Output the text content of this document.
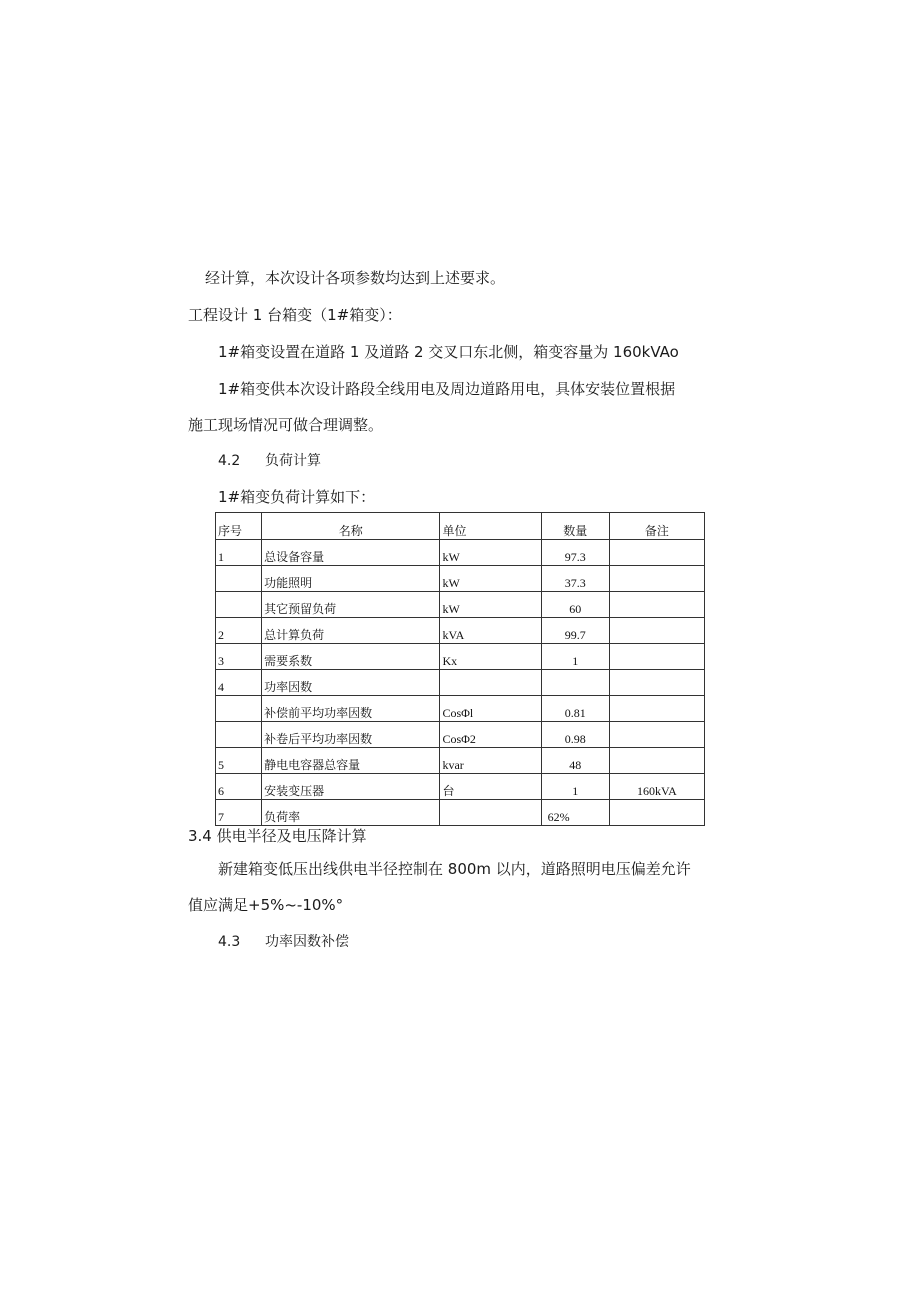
经计算，本次设计各项参数均达到上述要求。
工程设计 1 台箱变（1#箱变）：
1#箱变设置在道路 1 及道路 2 交叉口东北侧，箱变容量为 160kVAo
1#箱变供本次设计路段全线用电及周边道路用电，具体安装位置根据
施工现场情况可做合理调整。
4.2 负荷计算
1#箱变负荷计算如下：
序号	名称	单位	数量	备注
1	总设备容量	kW	97.3	
	功能照明	kW	37.3	
	其它预留负荷	kW	60	
2	总计算负荷	kVA	99.7	
3	需要系数	Kx	1	
4	功率因数			
	补偿前平均功率因数	CosΦl	0.81	
	补卷后平均功率因数	CosΦ2	0.98	
5	静电电容器总容量	kvar	48	
6	安装变压器	台	1	160kVA
7	负荷率		62%	
3.4 供电半径及电压降计算
新建箱变低压出线供电半径控制在 800m 以内，道路照明电压偏差允许
值应满足+5%~-10%°
4.3 功率因数补偿
